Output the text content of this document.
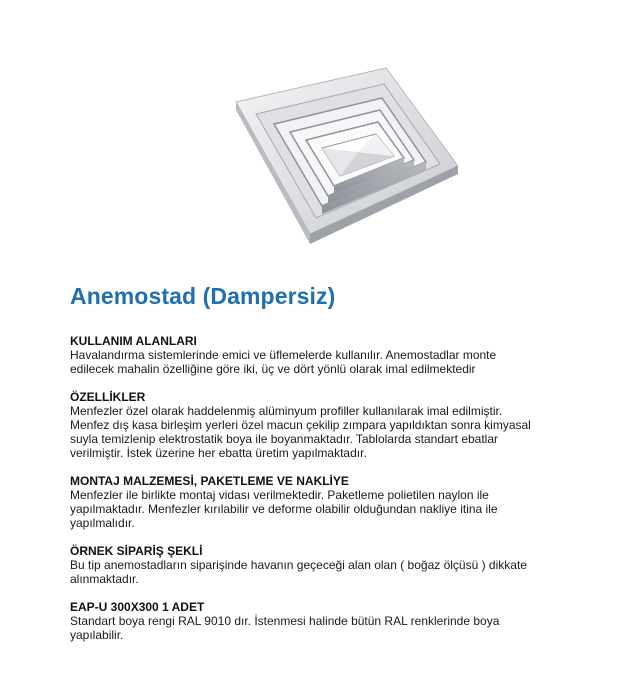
Anemostad (Dampersiz)
KULLANIM ALANLARI

Havalandırma sistemlerinde emici ve üflemelerde kullanılır. Anemostadlar monte

edilecek mahalin özelliğine göre iki, üç ve dört yönlü olarak imal edilmektedir

ÖZELLİKLER

Menfezler özel olarak haddelenmiş alüminyum profiller kullanılarak imal edilmiştir.

Menfez dış kasa birleşim yerleri özel macun çekilip zımpara yapıldıktan sonra kimyasal

suyla temizlenip elektrostatik boya ile boyanmaktadır. Tablolarda standart ebatlar

verilmiştir. İstek üzerine her ebatta üretim yapılmaktadır.

MONTAJ MALZEMESİ, PAKETLEME VE NAKLİYE

Menfezler ile birlikte montaj vidası verilmektedir. Paketleme polietilen naylon ile

yapılmaktadır. Menfezler kırılabilir ve deforme olabilir olduğundan nakliye itina ile

yapılmalıdır.

ÖRNEK SİPARİŞ ŞEKLİ

Bu tip anemostadların siparişinde havanın geçeceği alan olan ( boğaz ölçüsü ) dikkate

alınmaktadır.

EAP-U 300X300 1 ADET

Standart boya rengi RAL 9010 dır. İstenmesi halinde bütün RAL renklerinde boya

yapılabilir.
